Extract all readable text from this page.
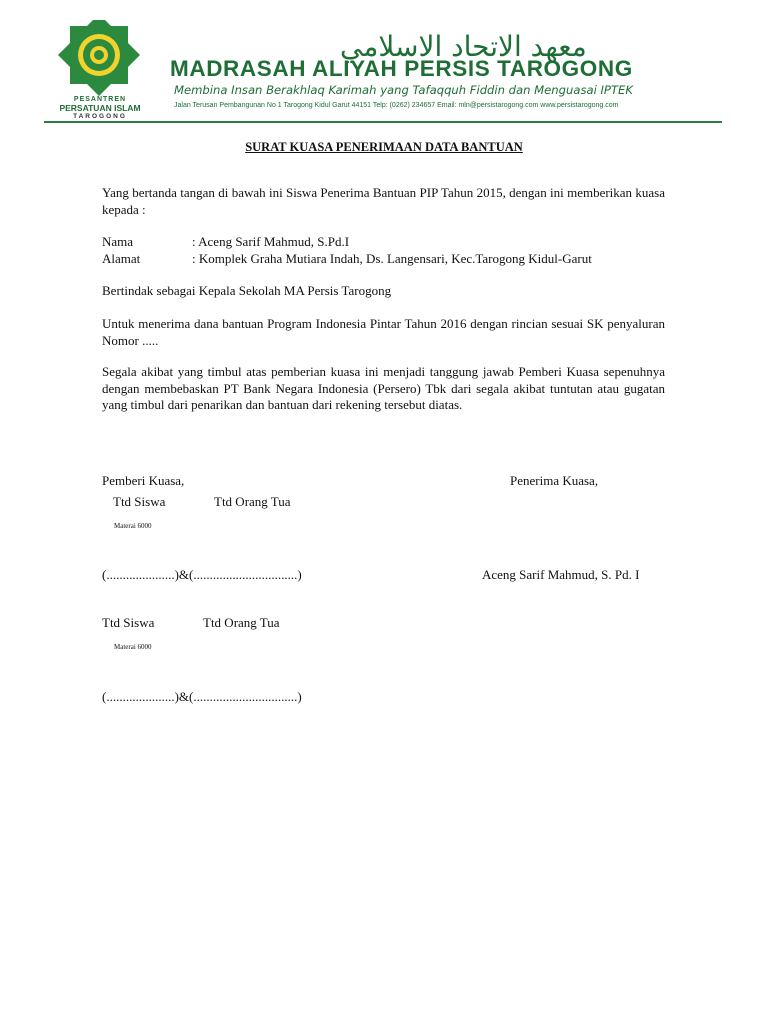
PESANTREN
PERSATUAN ISLAM
TAROGONG
معهد الاتحاد الاسلامي
MADRASAH ALIYAH PERSIS TAROGONG
Membina Insan Berakhlaq Karimah yang Tafaqquh Fiddin dan Menguasai IPTEK
Jalan Terusan Pembangunan No 1 Tarogong Kidul Garut 44151 Telp: (0262) 234657 Email: mln@persistarogong.com www.persistarogong.com
SURAT KUASA PENERIMAAN DATA BANTUAN
Yang bertanda tangan di bawah ini Siswa Penerima Bantuan PIP Tahun 2015, dengan ini memberikan kuasa kepada :
Nama	: Aceng Sarif Mahmud, S.Pd.I
Alamat	: Komplek Graha Mutiara Indah, Ds. Langensari, Kec.Tarogong Kidul-Garut
Bertindak sebagai Kepala Sekolah MA Persis Tarogong
Untuk menerima dana bantuan Program Indonesia Pintar Tahun 2016 dengan rincian sesuai SK penyaluran Nomor .....
Segala akibat yang timbul atas pemberian kuasa ini menjadi tanggung jawab Pemberi Kuasa sepenuhnya dengan membebaskan PT Bank Negara Indonesia (Persero) Tbk dari segala akibat tuntutan atau gugatan yang timbul dari penarikan dan bantuan dari rekening tersebut diatas.
Pemberi Kuasa,	Penerima Kuasa,
Ttd Siswa	Ttd Orang Tua
Materai 6000
(.....................)&(................................)	Aceng Sarif Mahmud, S. Pd. I
Ttd Siswa	Ttd Orang Tua
Materai 6000
(.....................)&(................................)
